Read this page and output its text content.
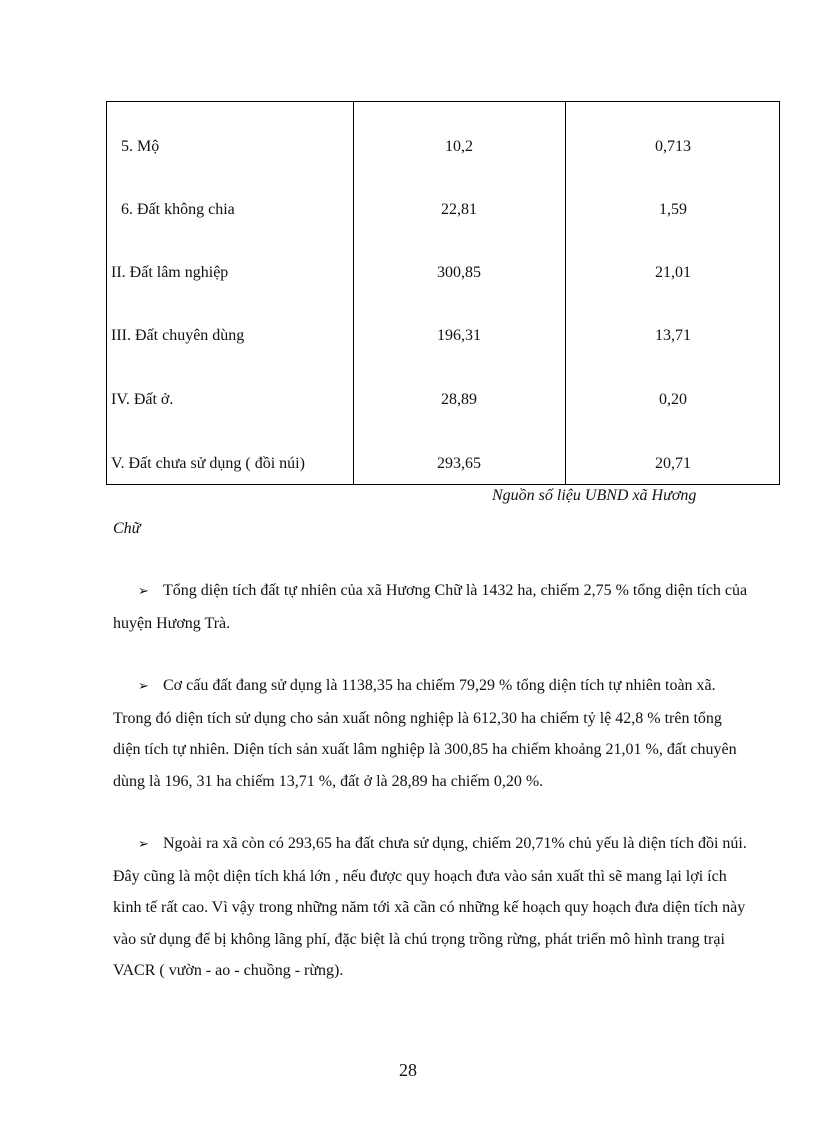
5. Mộ	10,2	0,713
6. Đất không chia	22,81	1,59
II. Đất lâm nghiệp	300,85	21,01
III. Đất chuyên dùng	196,31	13,71
IV. Đất ở.	28,89	0,20
V. Đất chưa sử dụng ( đồi núi)	293,65	20,71
Nguồn số liệu UBND xã Hương
Chữ
➢ Tổng diện tích đất tự nhiên của xã Hương Chữ là 1432 ha, chiếm 2,75 % tổng diện tích của huyện Hương Trà.
➢ Cơ cấu đất đang sử dụng là 1138,35 ha chiếm 79,29 % tổng diện tích tự nhiên toàn xã. Trong đó diện tích sử dụng cho sản xuất nông nghiệp là 612,30 ha chiếm tỷ lệ 42,8 % trên tổng diện tích tự nhiên. Diện tích sản xuất lâm nghiệp là 300,85 ha chiếm khoảng 21,01 %, đất chuyên dùng là 196, 31 ha chiếm 13,71 %, đất ở là 28,89 ha chiếm 0,20 %.
➢ Ngoài ra xã còn có 293,65 ha đất chưa sử dụng, chiếm 20,71% chủ yếu là diện tích đồi núi. Đây cũng là một diện tích khá lớn , nếu được quy hoạch đưa vào sản xuất thì sẽ mang lại lợi ích kinh tế rất cao. Vì vậy trong những năm tới xã cần có những kế hoạch quy hoạch đưa diện tích này vào sử dụng để bị không lãng phí, đặc biệt là chú trọng trồng rừng, phát triển mô hình trang trại VACR ( vườn - ao - chuồng - rừng).
28
